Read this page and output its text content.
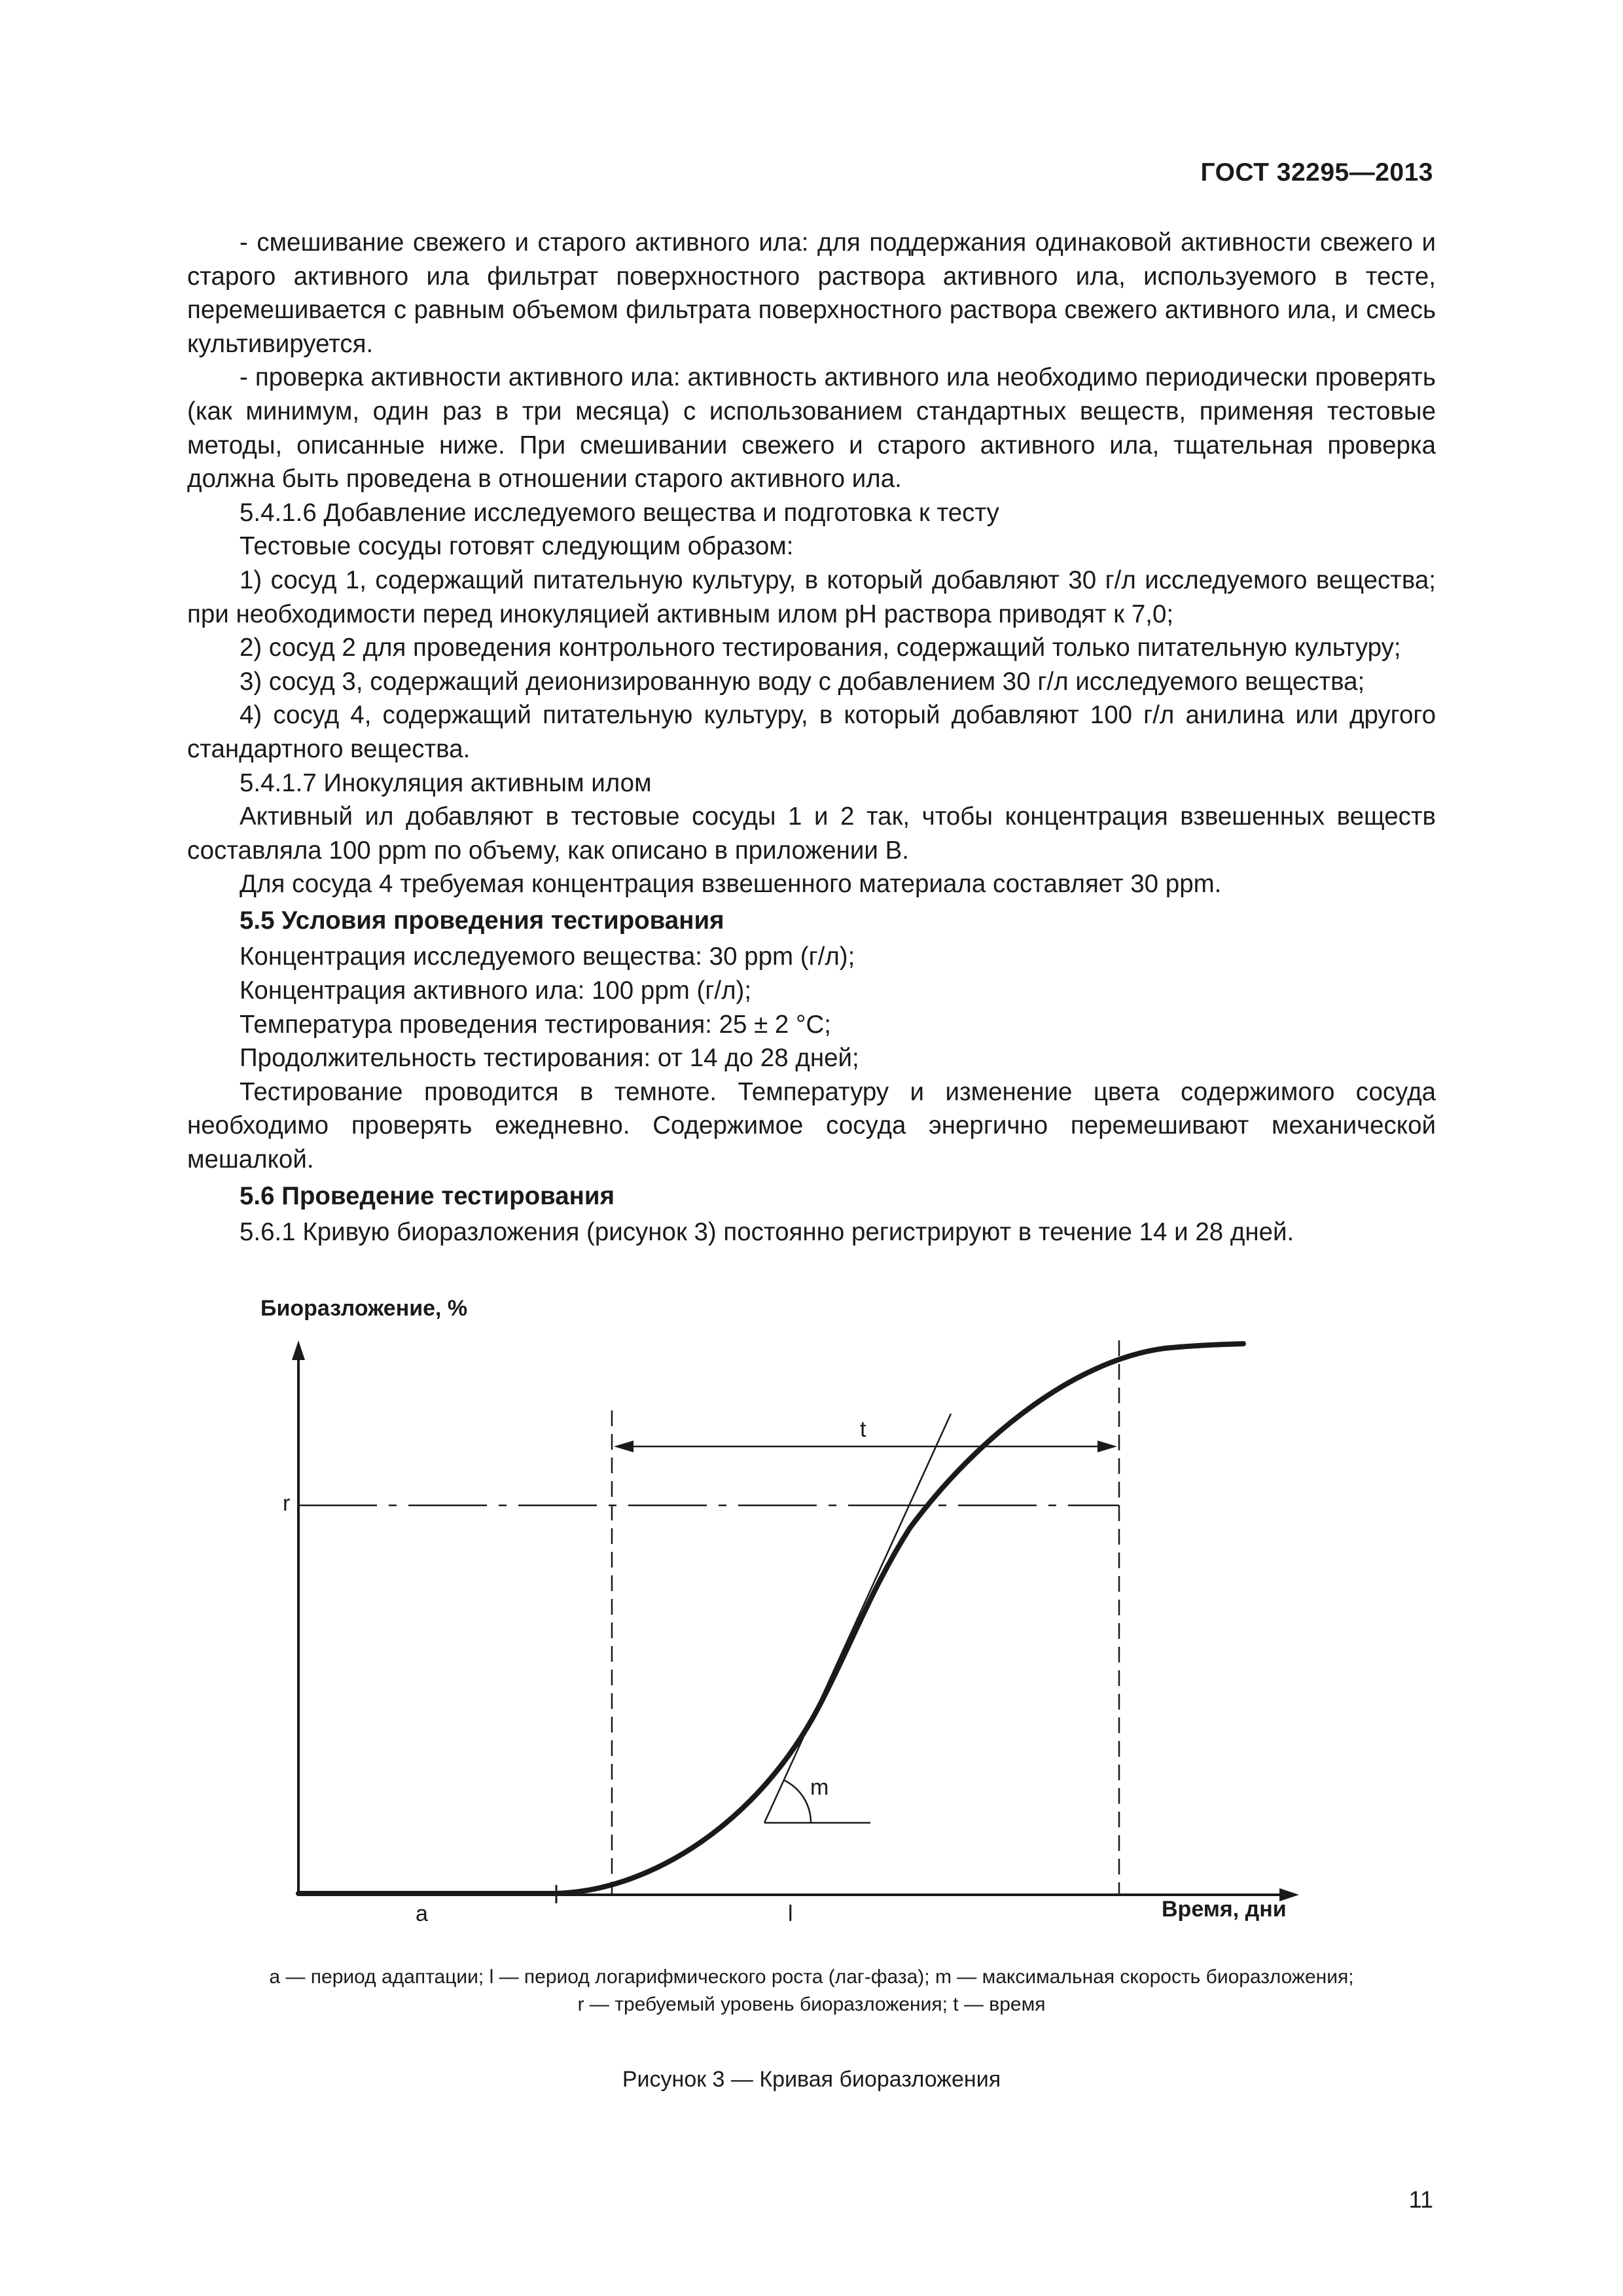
ГОСТ 32295—2013

- смешивание свежего и старого активного ила: для поддержания одинаковой активности свежего и старого активного ила фильтрат поверхностного раствора активного ила, используемого в тесте, перемешивается с равным объемом фильтрата поверхностного раствора свежего активного ила, и смесь культивируется.

- проверка активности активного ила: активность активного ила необходимо периодически проверять (как минимум, один раз в три месяца) с использованием стандартных веществ, применяя тестовые методы, описанные ниже. При смешивании свежего и старого активного ила, тщательная проверка должна быть проведена в отношении старого активного ила.

5.4.1.6 Добавление исследуемого вещества и подготовка к тесту

Тестовые сосуды готовят следующим образом:

1) сосуд 1, содержащий питательную культуру, в который добавляют 30 г/л исследуемого вещества; при необходимости перед инокуляцией активным илом pH раствора приводят к 7,0;

2) сосуд 2 для проведения контрольного тестирования, содержащий только питательную культуру;

3) сосуд 3, содержащий деионизированную воду с добавлением 30 г/л исследуемого вещества;

4) сосуд 4, содержащий питательную культуру, в который добавляют 100 г/л анилина или другого стандартного вещества.

5.4.1.7 Инокуляция активным илом

Активный ил добавляют в тестовые сосуды 1 и 2 так, чтобы концентрация взвешенных веществ составляла 100 ppm по объему, как описано в приложении В.

Для сосуда 4 требуемая концентрация взвешенного материала составляет 30 ppm.

5.5 Условия проведения тестирования

Концентрация исследуемого вещества: 30 ppm (г/л);

Концентрация активного ила: 100 ppm (г/л);

Температура проведения тестирования: 25 ± 2 °С;

Продолжительность тестирования: от 14 до 28 дней;

Тестирование проводится в темноте. Температуру и изменение цвета содержимого сосуда необходимо проверять ежедневно. Содержимое сосуда энергично перемешивают механической мешалкой.

5.6 Проведение тестирования

5.6.1 Кривую биоразложения (рисунок 3) постоянно регистрируют в течение 14 и 28 дней.

Биоразложение, %
r
t
m
a	l	Время, дни
a — период адаптации; l — период логарифмического роста (лаг-фаза); m — максимальная скорость биоразложения;
r — требуемый уровень биоразложения; t — время
Рисунок 3 — Кривая биоразложения
11
